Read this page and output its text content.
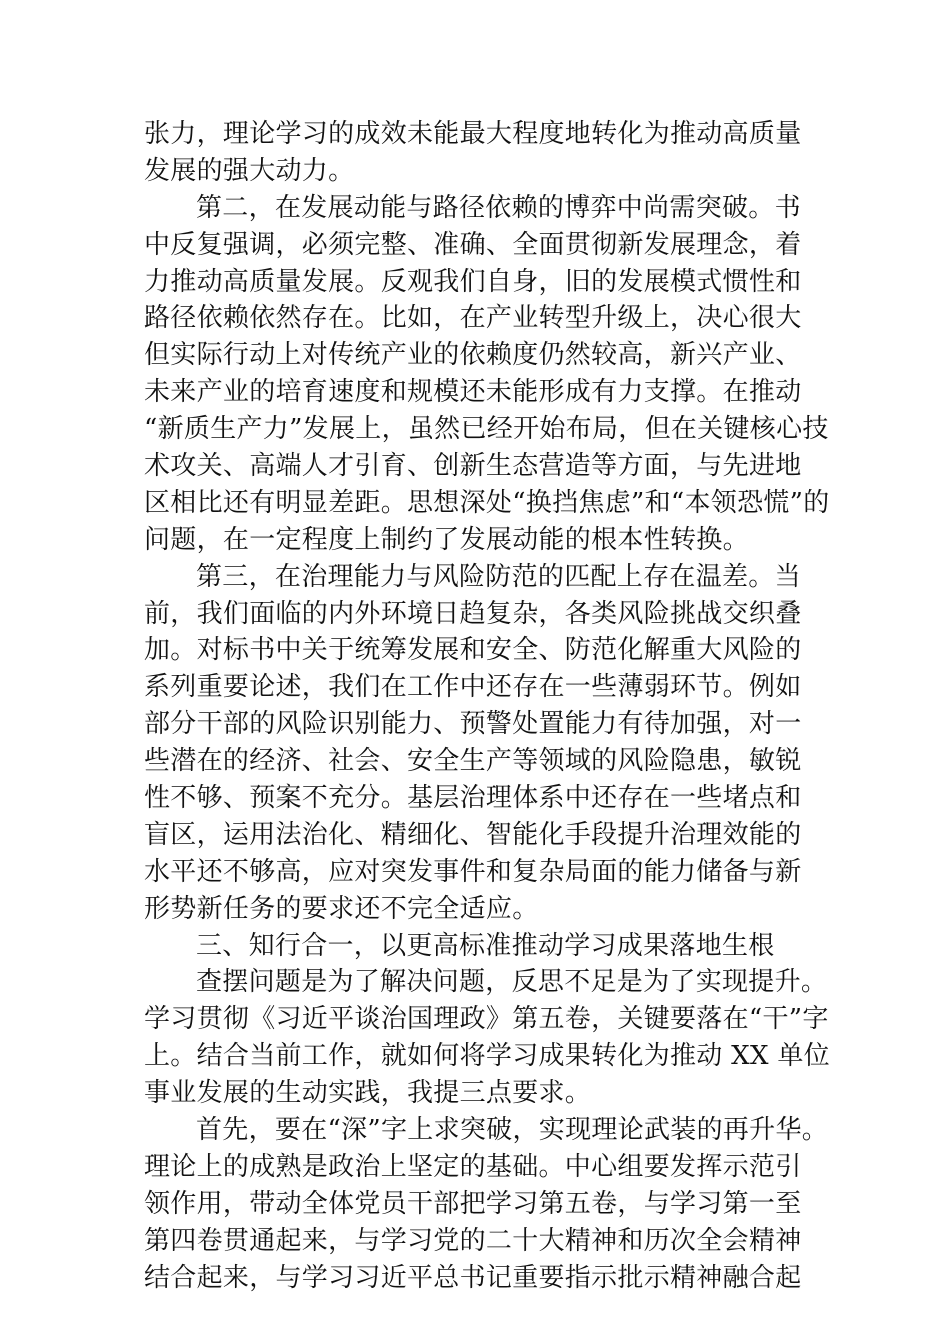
张力，理论学习的成效未能最大程度地转化为推动高质量
发展的强大动力。
第二，在发展动能与路径依赖的博弈中尚需突破。书
中反复强调，必须完整、准确、全面贯彻新发展理念，着
力推动高质量发展。反观我们自身，旧的发展模式惯性和
路径依赖依然存在。比如，在产业转型升级上，决心很大
但实际行动上对传统产业的依赖度仍然较高，新兴产业、
未来产业的培育速度和规模还未能形成有力支撑。在推动
“新质生产力”发展上，虽然已经开始布局，但在关键核心技
术攻关、高端人才引育、创新生态营造等方面，与先进地
区相比还有明显差距。思想深处“换挡焦虑”和“本领恐慌”的
问题，在一定程度上制约了发展动能的根本性转换。
第三，在治理能力与风险防范的匹配上存在温差。当
前，我们面临的内外环境日趋复杂，各类风险挑战交织叠
加。对标书中关于统筹发展和安全、防范化解重大风险的
系列重要论述，我们在工作中还存在一些薄弱环节。例如
部分干部的风险识别能力、预警处置能力有待加强，对一
些潜在的经济、社会、安全生产等领域的风险隐患，敏锐
性不够、预案不充分。基层治理体系中还存在一些堵点和
盲区，运用法治化、精细化、智能化手段提升治理效能的
水平还不够高，应对突发事件和复杂局面的能力储备与新
形势新任务的要求还不完全适应。
三、知行合一，以更高标准推动学习成果落地生根
查摆问题是为了解决问题，反思不足是为了实现提升。
学习贯彻《习近平谈治国理政》第五卷，关键要落在“干”字
上。结合当前工作，就如何将学习成果转化为推动 XX 单位
事业发展的生动实践，我提三点要求。
首先，要在“深”字上求突破，实现理论武装的再升华。
理论上的成熟是政治上坚定的基础。中心组要发挥示范引
领作用，带动全体党员干部把学习第五卷，与学习第一至
第四卷贯通起来，与学习党的二十大精神和历次全会精神
结合起来，与学习习近平总书记重要指示批示精神融合起
